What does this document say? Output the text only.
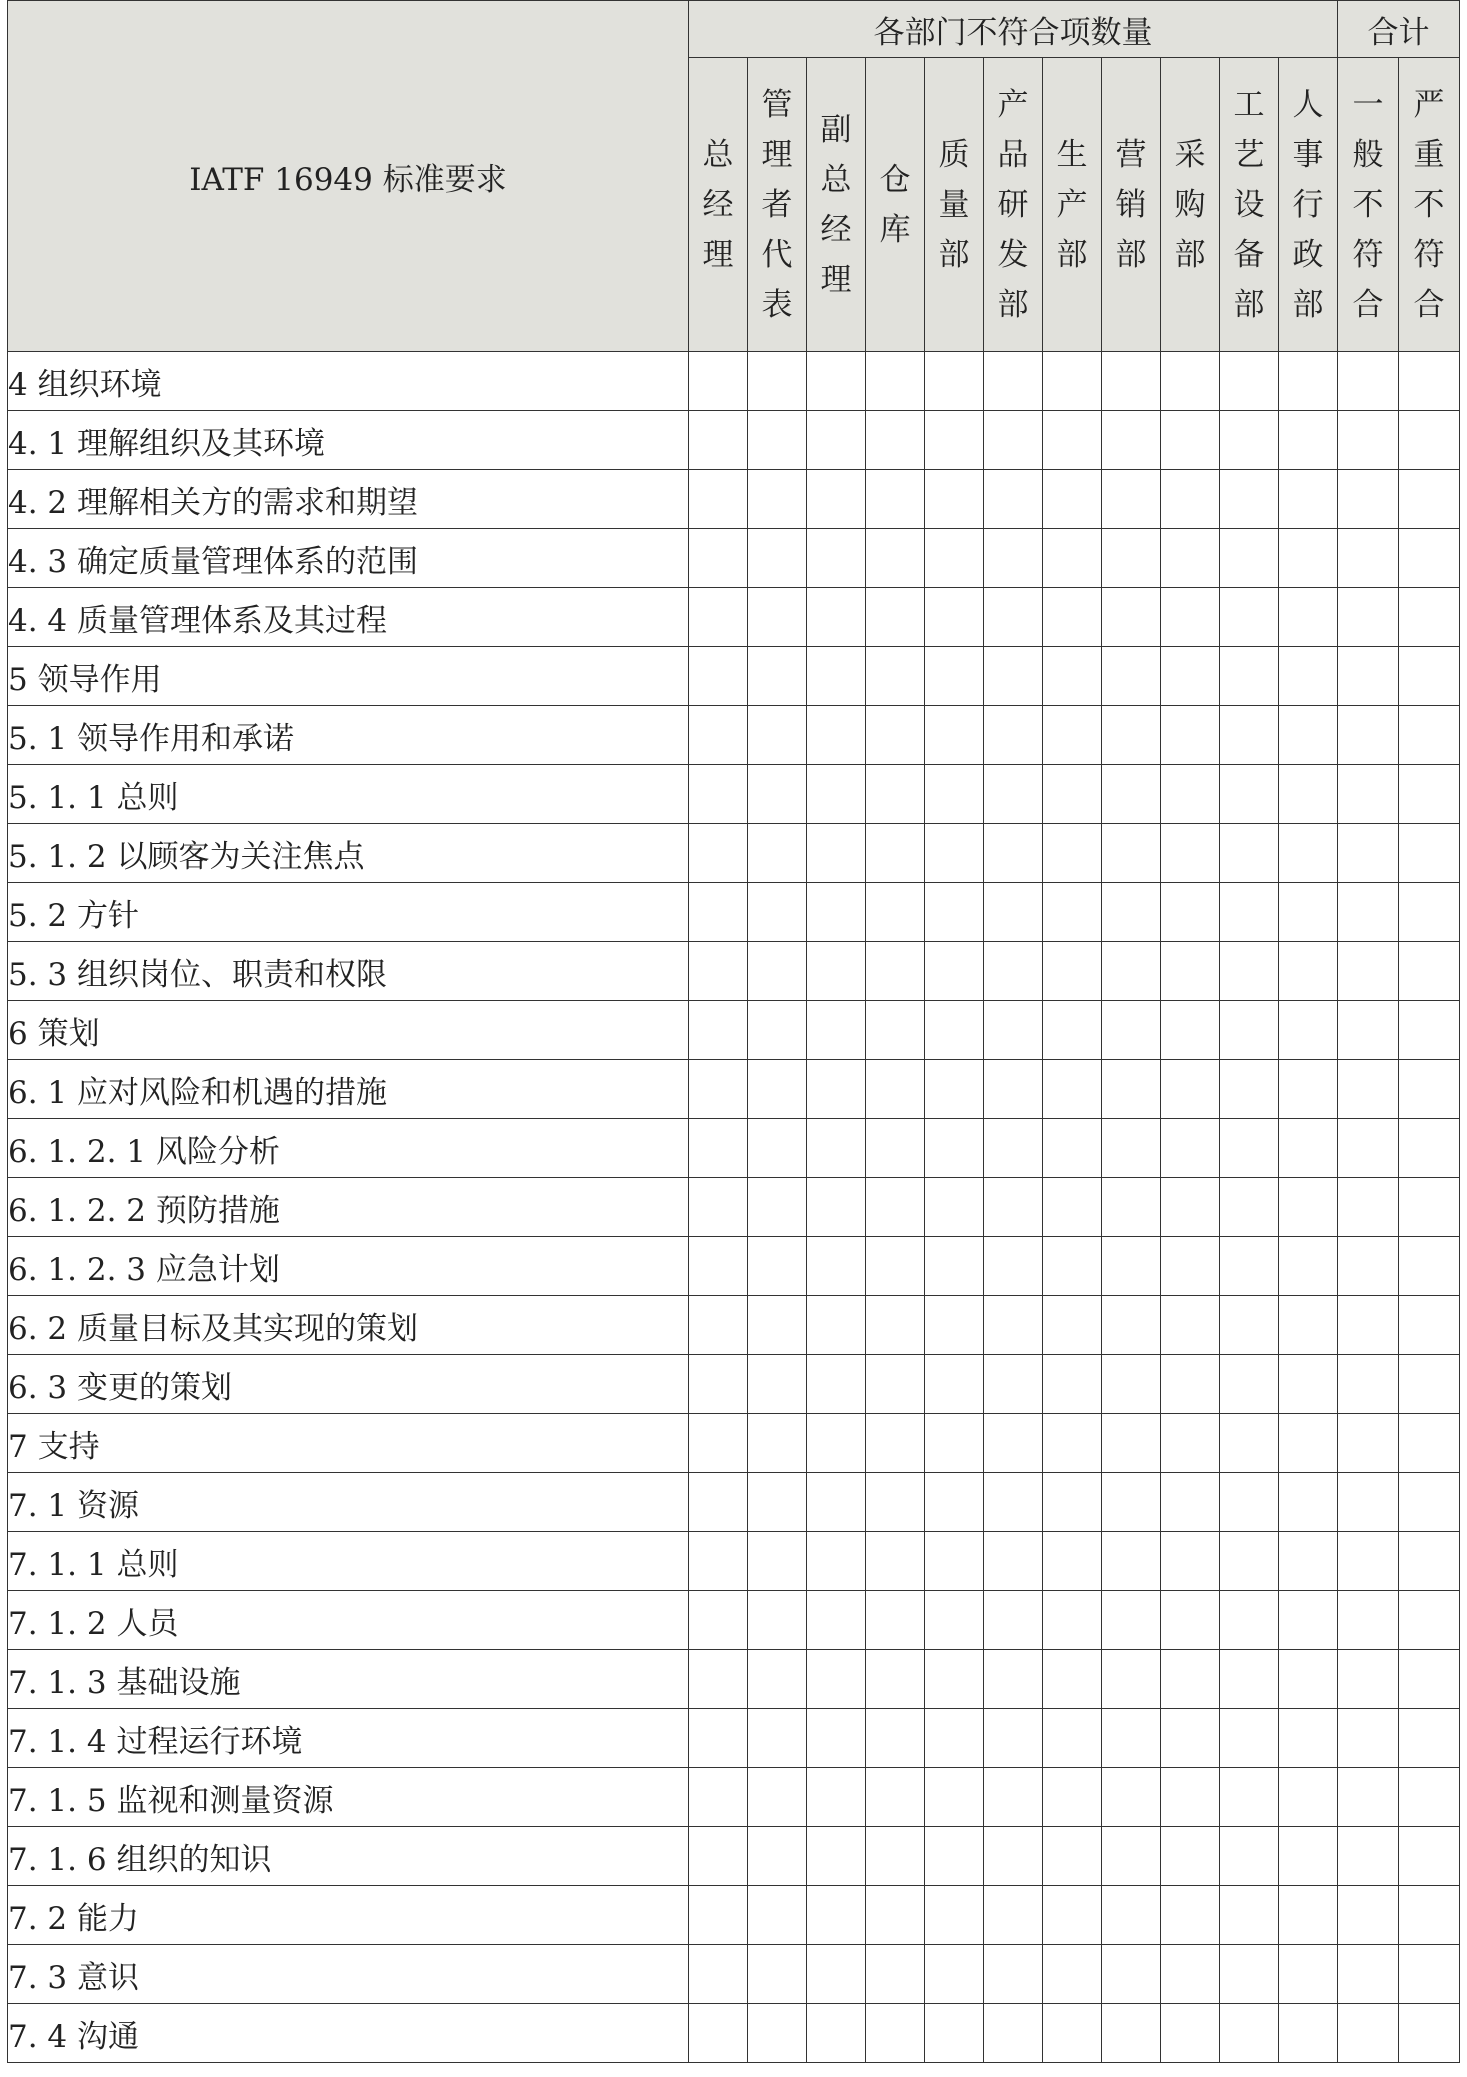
IATF 16949 标准要求	各部门不符合项数量											合计	
	总经理	管理者代表	副总经理	仓库	质量部	产品研发部	生产部	营销部	采购部	工艺设备部	人事行政部	一般不符合	严重不符合
4 组织环境													
4. 1 理解组织及其环境													
4. 2 理解相关方的需求和期望													
4. 3 确定质量管理体系的范围													
4. 4 质量管理体系及其过程													
5 领导作用													
5. 1 领导作用和承诺													
5. 1. 1 总则													
5. 1. 2 以顾客为关注焦点													
5. 2 方针													
5. 3 组织岗位、职责和权限													
6 策划													
6. 1 应对风险和机遇的措施													
6. 1. 2. 1 风险分析													
6. 1. 2. 2 预防措施													
6. 1. 2. 3 应急计划													
6. 2 质量目标及其实现的策划													
6. 3 变更的策划													
7 支持													
7. 1 资源													
7. 1. 1 总则													
7. 1. 2 人员													
7. 1. 3 基础设施													
7. 1. 4 过程运行环境													
7. 1. 5 监视和测量资源													
7. 1. 6 组织的知识													
7. 2 能力													
7. 3 意识													
7. 4 沟通													
